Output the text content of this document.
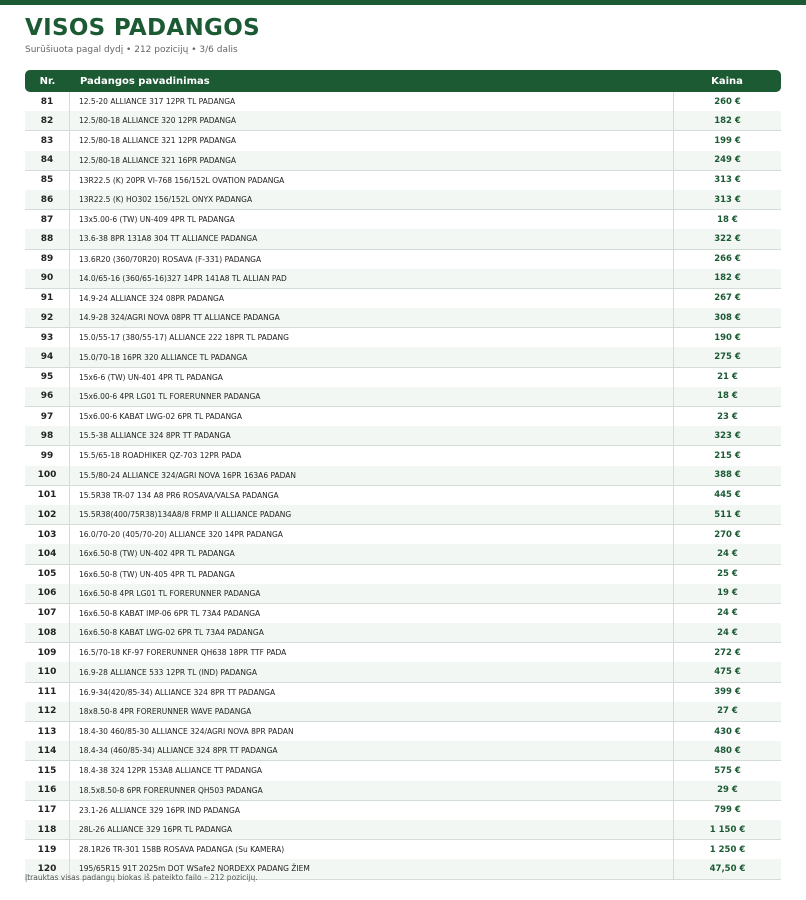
VISOS PADANGOS
Surūšiuota pagal dydį • 212 pozicijų • 3/6 dalis
Nr.	Padangos pavadinimas	Kaina
81	12.5-20 ALLIANCE 317 12PR TL PADANGA	260 €
82	12.5/80-18 ALLIANCE 320 12PR PADANGA	182 €
83	12.5/80-18 ALLIANCE 321 12PR PADANGA	199 €
84	12.5/80-18 ALLIANCE 321 16PR PADANGA	249 €
85	13R22.5 (K) 20PR VI-768 156/152L OVATION PADANGA	313 €
86	13R22.5 (K) HO302 156/152L ONYX PADANGA	313 €
87	13x5.00-6 (TW) UN-409 4PR TL PADANGA	18 €
88	13.6-38 8PR 131A8 304 TT ALLIANCE PADANGA	322 €
89	13.6R20 (360/70R20) ROSAVA (F-331) PADANGA	266 €
90	14.0/65-16 (360/65-16)327 14PR 141A8 TL ALLIAN PAD	182 €
91	14.9-24 ALLIANCE 324 08PR PADANGA	267 €
92	14.9-28 324/AGRI NOVA 08PR TT ALLIANCE PADANGA	308 €
93	15.0/55-17 (380/55-17) ALLIANCE 222 18PR TL PADANG	190 €
94	15.0/70-18 16PR 320 ALLIANCE TL PADANGA	275 €
95	15x6-6 (TW) UN-401 4PR TL PADANGA	21 €
96	15x6.00-6 4PR LG01 TL FORERUNNER PADANGA	18 €
97	15x6.00-6 KABAT LWG-02 6PR TL PADANGA	23 €
98	15.5-38 ALLIANCE 324 8PR TT PADANGA	323 €
99	15.5/65-18 ROADHIKER QZ-703 12PR PADA	215 €
100	15.5/80-24 ALLIANCE 324/AGRI NOVA 16PR 163A6 PADAN	388 €
101	15.5R38 TR-07 134 A8 PR6 ROSAVA/VALSA PADANGA	445 €
102	15.5R38(400/75R38)134A8/8 FRMP II ALLIANCE PADANG	511 €
103	16.0/70-20 (405/70-20) ALLIANCE 320 14PR PADANGA	270 €
104	16x6.50-8 (TW) UN-402 4PR TL PADANGA	24 €
105	16x6.50-8 (TW) UN-405 4PR TL PADANGA	25 €
106	16x6.50-8 4PR LG01 TL FORERUNNER PADANGA	19 €
107	16x6.50-8 KABAT IMP-06 6PR TL 73A4 PADANGA	24 €
108	16x6.50-8 KABAT LWG-02 6PR TL 73A4 PADANGA	24 €
109	16.5/70-18 KF-97 FORERUNNER QH638 18PR TTF PADA	272 €
110	16.9-28 ALLIANCE 533 12PR TL (IND) PADANGA	475 €
111	16.9-34(420/85-34) ALLIANCE 324 8PR TT PADANGA	399 €
112	18x8.50-8 4PR FORERUNNER WAVE PADANGA	27 €
113	18.4-30 460/85-30 ALLIANCE 324/AGRI NOVA 8PR PADAN	430 €
114	18.4-34 (460/85-34) ALLIANCE 324 8PR TT PADANGA	480 €
115	18.4-38 324 12PR 153A8 ALLIANCE TT PADANGA	575 €
116	18.5x8.50-8 6PR FORERUNNER QH503 PADANGA	29 €
117	23.1-26 ALLIANCE 329 16PR IND PADANGA	799 €
118	28L-26 ALLIANCE 329 16PR TL PADANGA	1 150 €
119	28.1R26 TR-301 158B ROSAVA PADANGA (Su KAMERA)	1 250 €
120	195/65R15 91T 2025m DOT WSafe2 NORDEXX PADANG ŽIEM	47,50 €
Įtrauktas visas padangų biokas iš pateikto failo – 212 pozicijų.
